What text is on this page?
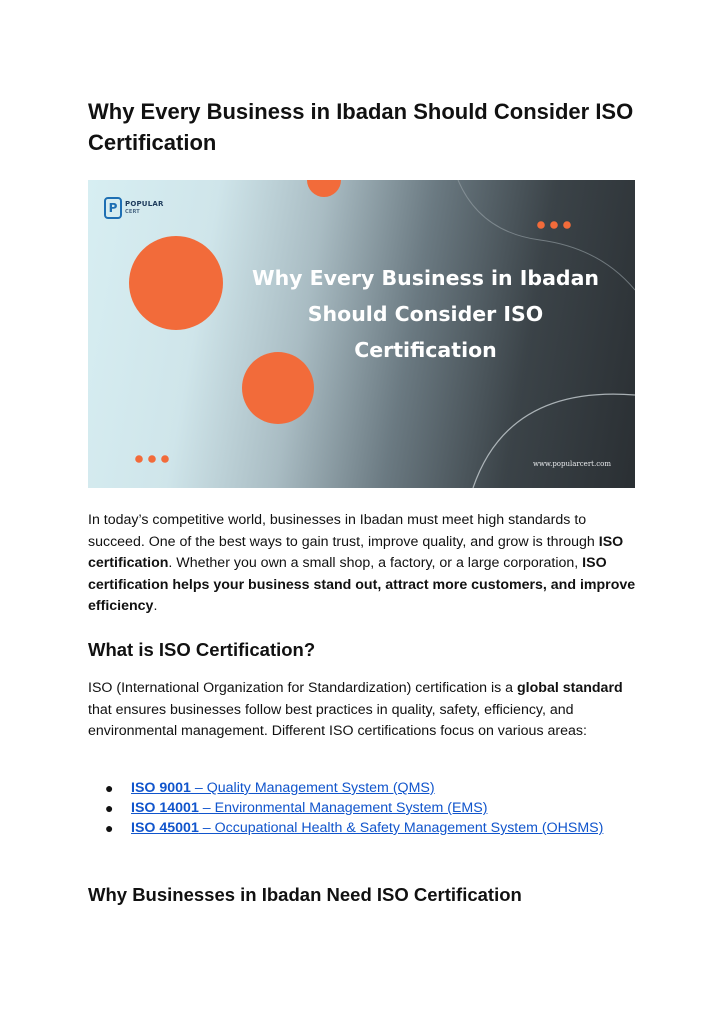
Why Every Business in Ibadan Should Consider ISO Certification
P	POPULAR
CERT
Why Every Business in Ibadan Should Consider ISO Certification
www.popularcert.com

In today’s competitive world, businesses in Ibadan must meet high standards to succeed. One of the best ways to gain trust, improve quality, and grow is through ISO certification. Whether you own a small shop, a factory, or a large corporation, ISO certification helps your business stand out, attract more customers, and improve efficiency.

What is ISO Certification?

ISO (International Organization for Standardization) certification is a global standard that ensures businesses follow best practices in quality, safety, efficiency, and environmental management. Different ISO certifications focus on various areas:

● ISO 9001 – Quality Management System (QMS)
● ISO 14001 – Environmental Management System (EMS)
● ISO 45001 – Occupational Health & Safety Management System (OHSMS)
Why Businesses in Ibadan Need ISO Certification
